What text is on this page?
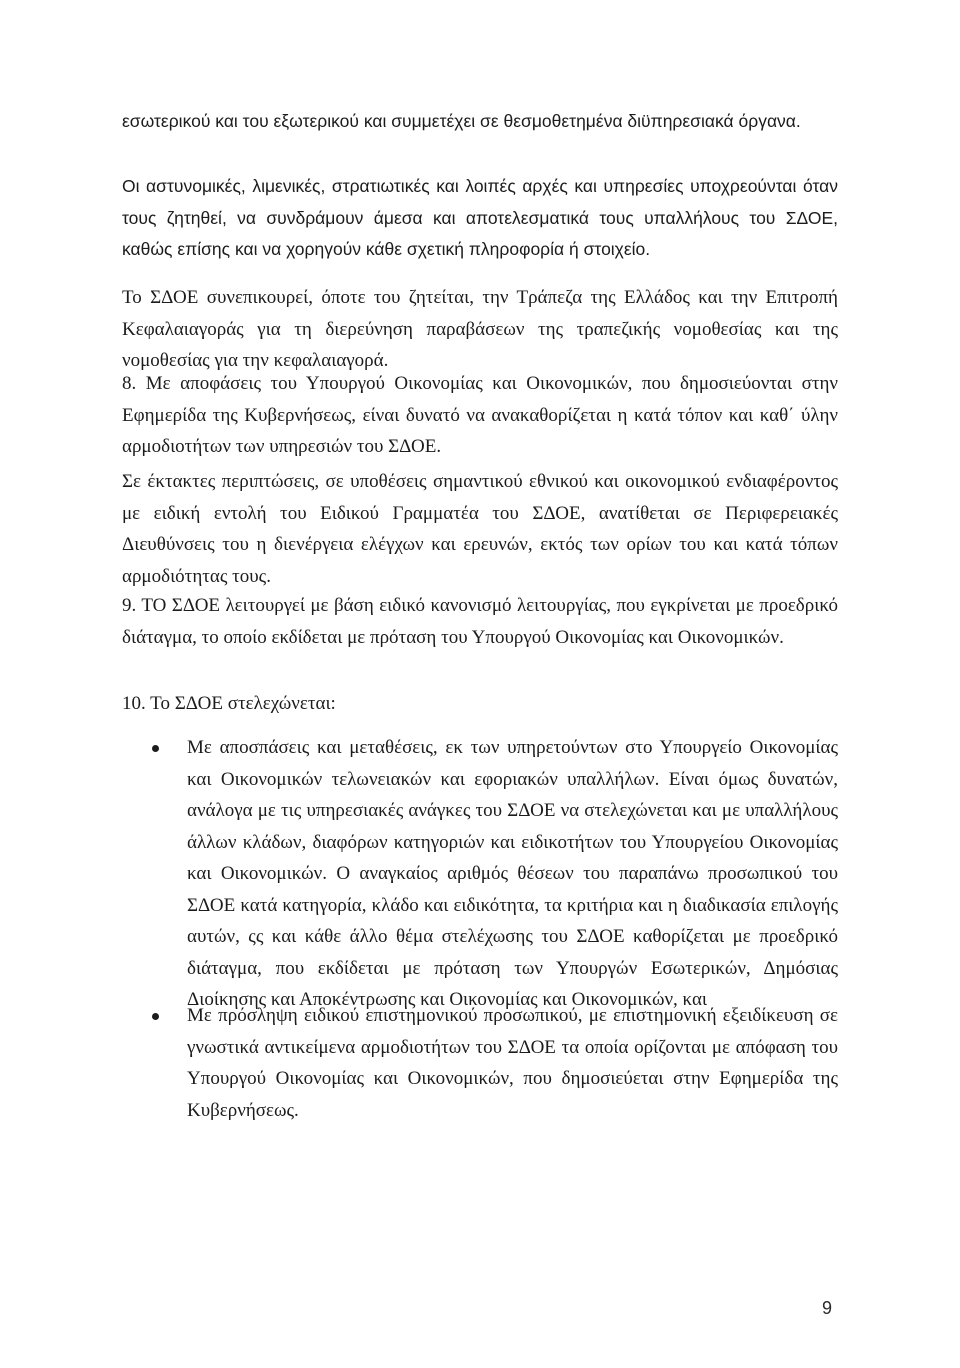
εσωτερικού και του εξωτερικού και συμμετέχει σε θεσμοθετημένα διϋπηρεσιακά όργανα.

Οι αστυνομικές, λιμενικές, στρατιωτικές και λοιπές αρχές και υπηρεσίες υποχρεούνται όταν τους ζητηθεί, να συνδράμουν άμεσα και αποτελεσματικά τους υπαλλήλους του ΣΔΟΕ, καθώς επίσης και να χορηγούν κάθε σχετική πληροφορία ή στοιχείο.

Το ΣΔΟΕ συνεπικουρεί, όποτε του ζητείται, την Τράπεζα της Ελλάδος και την Επιτροπή Κεφαλαιαγοράς για τη διερεύνηση παραβάσεων της τραπεζικής νομοθεσίας και της νομοθεσίας για την κεφαλαιαγορά.

8. Με αποφάσεις του Υπουργού Οικονομίας και Οικονομικών, που δημοσιεύονται στην Εφημερίδα της Κυβερνήσεως, είναι δυνατό να ανακαθορίζεται η κατά τόπον και καθ΄ ύλην αρμοδιοτήτων των υπηρεσιών του ΣΔΟΕ.

Σε έκτακτες περιπτώσεις, σε υποθέσεις σημαντικού εθνικού και οικονομικού ενδιαφέροντος με ειδική εντολή του Ειδικού Γραμματέα του ΣΔΟΕ, ανατίθεται σε Περιφερειακές Διευθύνσεις του η διενέργεια ελέγχων και ερευνών, εκτός των ορίων του και κατά τόπων αρμοδιότητας τους.

9. ΤΟ ΣΔΟΕ λειτουργεί με βάση ειδικό κανονισμό λειτουργίας, που εγκρίνεται με προεδρικό διάταγμα, το οποίο εκδίδεται με πρόταση του Υπουργού Οικονομίας και Οικονομικών.

10. Το ΣΔΟΕ στελεχώνεται:

Με αποσπάσεις και μεταθέσεις, εκ των υπηρετούντων στο Υπουργείο Οικονομίας και Οικονομικών τελωνειακών και εφοριακών υπαλλήλων. Είναι όμως δυνατών, ανάλογα με τις υπηρεσιακές ανάγκες του ΣΔΟΕ να στελεχώνεται και με υπαλλήλους άλλων κλάδων, διαφόρων κατηγοριών και ειδικοτήτων του Υπουργείου Οικονομίας και Οικονομικών. Ο αναγκαίος αριθμός θέσεων του παραπάνω προσωπικού του ΣΔΟΕ κατά κατηγορία, κλάδο και ειδικότητα, τα κριτήρια και η διαδικασία επιλογής αυτών, ςς και κάθε άλλο θέμα στελέχωσης του ΣΔΟΕ καθορίζεται με προεδρικό διάταγμα, που εκδίδεται με πρόταση των Υπουργών Εσωτερικών, Δημόσιας Διοίκησης και Αποκέντρωσης και Οικονομίας και Οικονομικών, και
Με πρόσληψη ειδικού επιστημονικού προσωπικού, με επιστημονική εξειδίκευση σε γνωστικά αντικείμενα αρμοδιοτήτων του ΣΔΟΕ τα οποία ορίζονται με απόφαση του Υπουργού Οικονομίας και Οικονομικών, που δημοσιεύεται στην Εφημερίδα της Κυβερνήσεως.
9
